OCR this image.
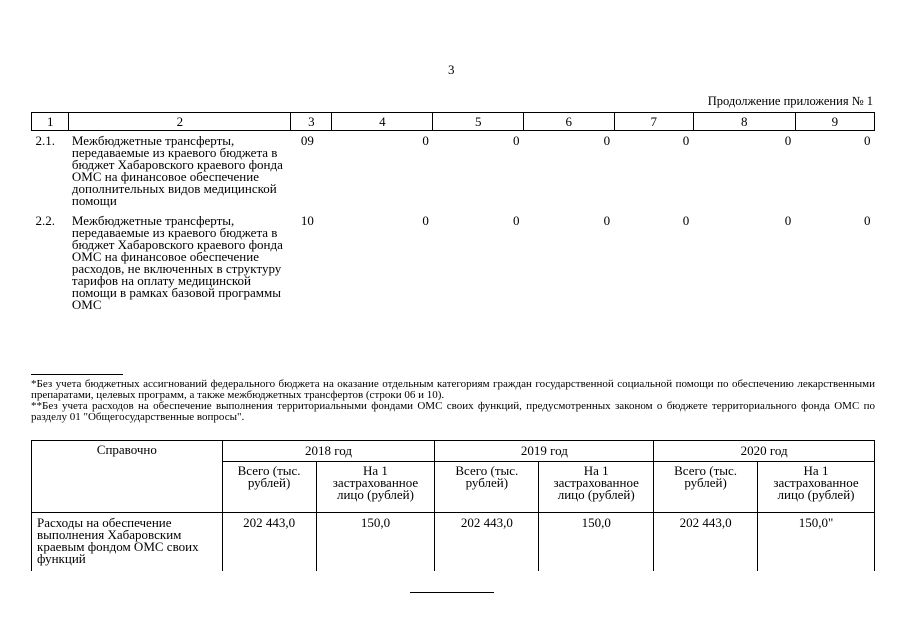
3
Продолжение приложения № 1
1	2	3	4	5	6	7	8	9
2.1.	Межбюджетные трансферты, передаваемые из краевого бюджета в бюджет Хабаровского краевого фонда ОМС на финансовое обеспечение дополнительных видов медицинской помощи	09	0	0	0	0	0	0
2.2.	Межбюджетные трансферты, передаваемые из краевого бюджета в бюджет Хабаровского краевого фонда ОМС на финансовое обеспечение расходов, не включенных в структуру тарифов на оплату медицинской помощи в рамках базовой программы ОМС	10	0	0	0	0	0	0

*Без учета бюджетных ассигнований федерального бюджета на оказание отдельным категориям граждан государственной социальной помощи по обеспечению лекарственными препаратами, целевых программ, а также межбюджетных трансфертов (строки 06 и 10).

**Без учета расходов на обеспечение выполнения территориальными фондами ОМС своих функций, предусмотренных законом о бюджете территориального фонда ОМС по разделу 01 "Общегосударственные вопросы".

Справочно	2018 год		2019 год		2020 год	
	Всего (тыс. рублей)	На 1 застрахованное лицо (рублей)	Всего (тыс. рублей)	На 1 застрахованное лицо (рублей)	Всего (тыс. рублей)	На 1 застрахованное лицо (рублей)
Расходы на обеспечение выполнения Хабаровским краевым фондом ОМС своих функций	202 443,0	150,0	202 443,0	150,0	202 443,0	150,0"
